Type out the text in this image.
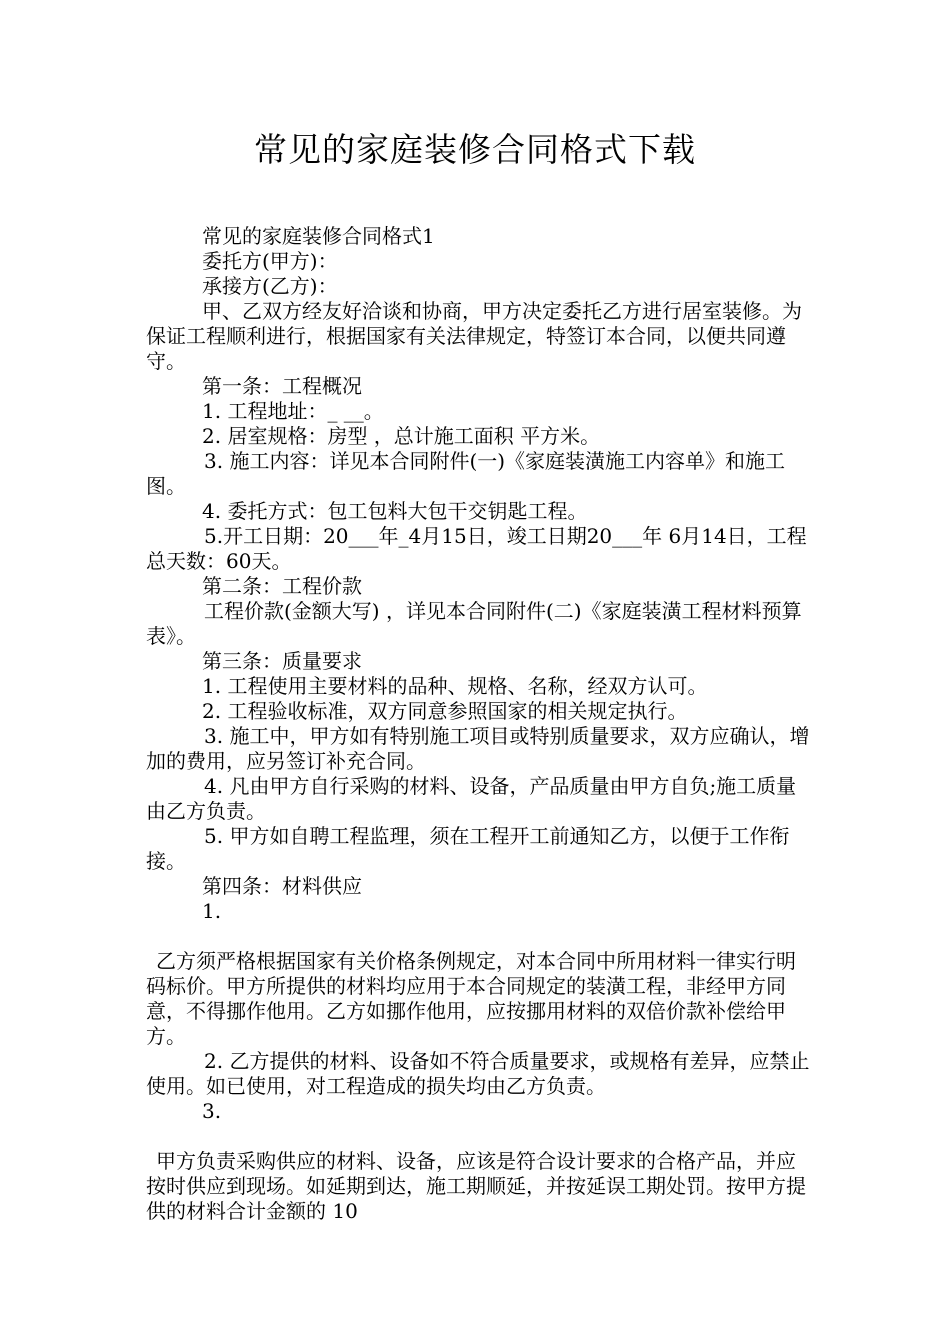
常见的家庭装修合同格式下载

常见的家庭装修合同格式1

委托方(甲方)：

承接方(乙方)：

甲、乙双方经友好洽谈和协商，甲方决定委托乙方进行居室装修。为保证工程顺利进行，根据国家有关法律规定，特签订本合同，以便共同遵守。

第一条：工程概况

1. 工程地址：_ __。

2. 居室规格：房型 ，总计施工面积 平方米。

3. 施工内容：详见本合同附件(一)《家庭装潢施工内容单》和施工图。

4. 委托方式：包工包料大包干交钥匙工程。

5.开工日期：20___年_4月15日，竣工日期20___年 6月14日，工程总天数：60天。

第二条：工程价款

工程价款(金额大写) ，详见本合同附件(二)《家庭装潢工程材料预算表》。

第三条：质量要求

1. 工程使用主要材料的品种、规格、名称，经双方认可。

2. 工程验收标准，双方同意参照国家的相关规定执行。

3. 施工中，甲方如有特别施工项目或特别质量要求，双方应确认，增加的费用，应另签订补充合同。

4. 凡由甲方自行采购的材料、设备，产品质量由甲方自负;施工质量由乙方负责。

5. 甲方如自聘工程监理，须在工程开工前通知乙方，以便于工作衔接。

第四条：材料供应

1.

乙方须严格根据国家有关价格条例规定，对本合同中所用材料一律实行明码标价。甲方所提供的材料均应用于本合同规定的装潢工程，非经甲方同意，不得挪作他用。乙方如挪作他用，应按挪用材料的双倍价款补偿给甲方。

2. 乙方提供的材料、设备如不符合质量要求，或规格有差异，应禁止使用。如已使用，对工程造成的损失均由乙方负责。

3.

甲方负责采购供应的材料、设备，应该是符合设计要求的合格产品，并应按时供应到现场。如延期到达，施工期顺延，并按延误工期处罚。按甲方提供的材料合计金额的 10
